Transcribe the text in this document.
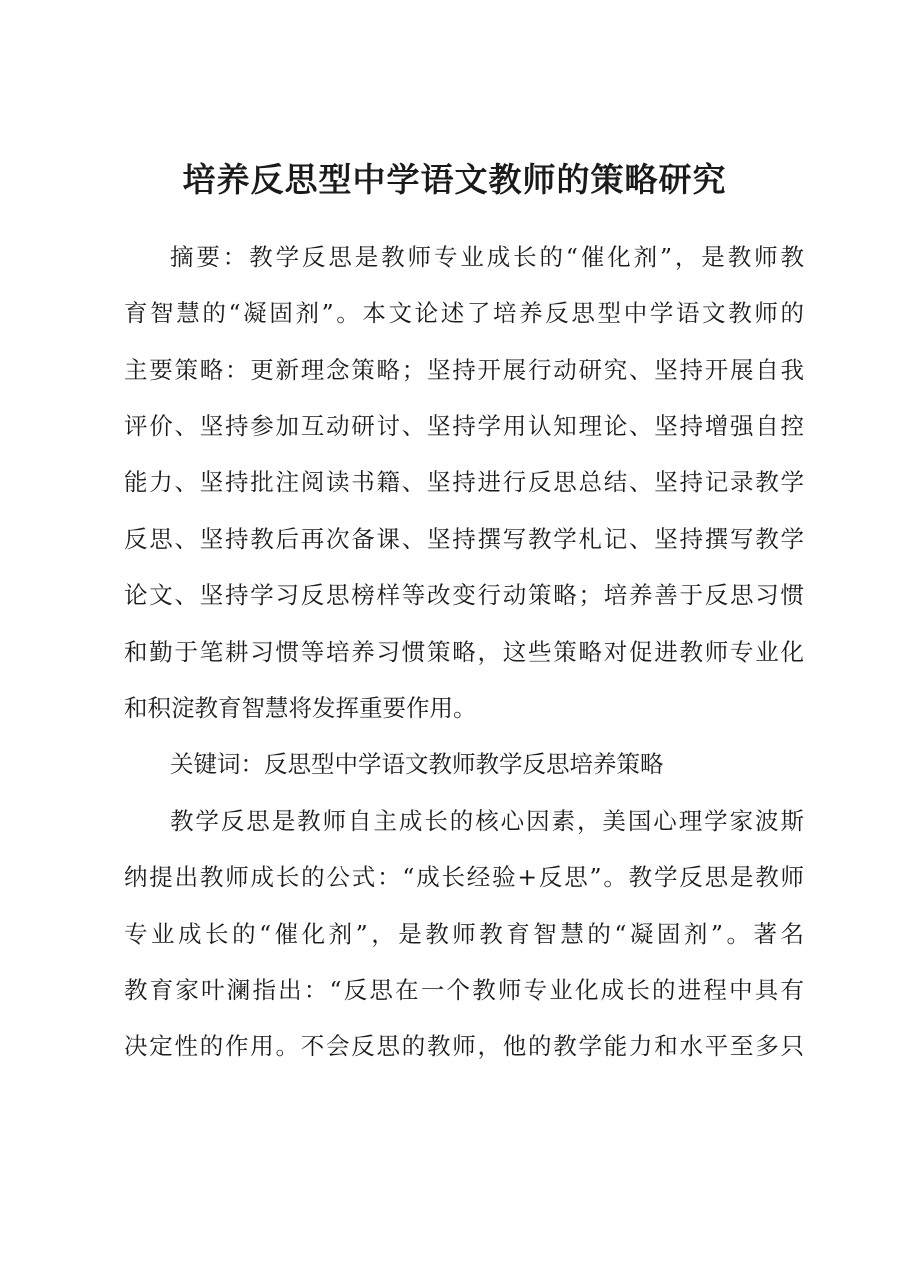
培养反思型中学语文教师的策略研究

摘要：教学反思是教师专业成长的“催化剂”，是教师教

育智慧的“凝固剂”。本文论述了培养反思型中学语文教师的

主要策略：更新理念策略；坚持开展行动研究、坚持开展自我

评价、坚持参加互动研讨、坚持学用认知理论、坚持增强自控

能力、坚持批注阅读书籍、坚持进行反思总结、坚持记录教学

反思、坚持教后再次备课、坚持撰写教学札记、坚持撰写教学

论文、坚持学习反思榜样等改变行动策略；培养善于反思习惯

和勤于笔耕习惯等培养习惯策略，这些策略对促进教师专业化

和积淀教育智慧将发挥重要作用。

关键词：反思型中学语文教师教学反思培养策略

教学反思是教师自主成长的核心因素，美国心理学家波斯

纳提出教师成长的公式：“成长经验+反思”。教学反思是教师

专业成长的“催化剂”，是教师教育智慧的“凝固剂”。著名

教育家叶澜指出：“反思在一个教师专业化成长的进程中具有

决定性的作用。不会反思的教师，他的教学能力和水平至多只
